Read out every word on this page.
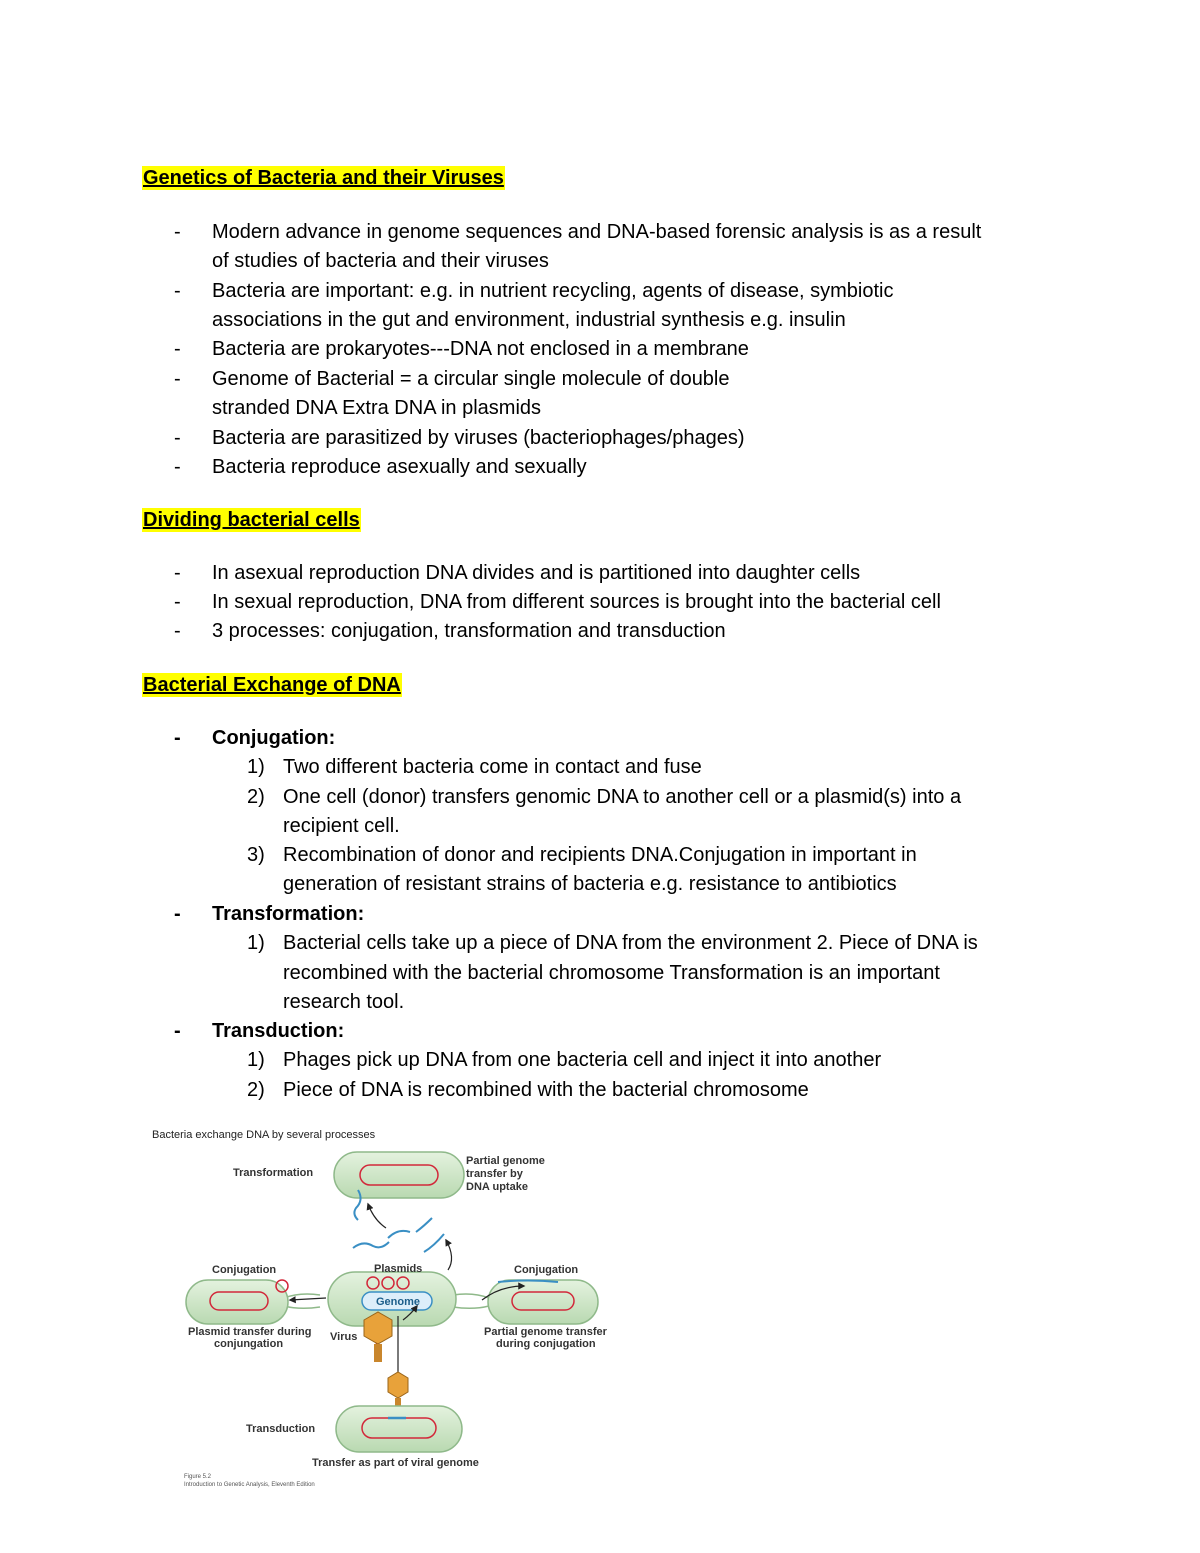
Genetics of Bacteria and their Viruses
- Modern advance in genome sequences and DNA-based forensic analysis is as a result
of studies of bacteria and their viruses
- Bacteria are important: e.g. in nutrient recycling, agents of disease, symbiotic
associations in the gut and environment, industrial synthesis e.g. insulin
- Bacteria are prokaryotes---DNA not enclosed in a membrane
- Genome of Bacterial = a circular single molecule of double
stranded DNA Extra DNA in plasmids
- Bacteria are parasitized by viruses (bacteriophages/phages)
- Bacteria reproduce asexually and sexually
Dividing bacterial cells
- In asexual reproduction DNA divides and is partitioned into daughter cells
- In sexual reproduction, DNA from different sources is brought into the bacterial cell
- 3 processes: conjugation, transformation and transduction
Bacterial Exchange of DNA
- Conjugation:
1) Two different bacteria come in contact and fuse
2) One cell (donor) transfers genomic DNA to another cell or a plasmid(s) into a
recipient cell.
3) Recombination of donor and recipients DNA.Conjugation in important in
generation of resistant strains of bacteria e.g. resistance to antibiotics
- Transformation:
1) Bacterial cells take up a piece of DNA from the environment 2. Piece of DNA is
recombined with the bacterial chromosome Transformation is an important
research tool.
- Transduction:
1) Phages pick up DNA from one bacteria cell and inject it into another
2) Piece of DNA is recombined with the bacterial chromosome
Bacteria exchange DNA by several processes
Transformation
Partial genome
transfer by
DNA uptake
Plasmids
Genome
Conjugation
Plasmid transfer during
conjungation
Conjugation
Partial genome transfer
during conjugation
Virus
Transduction
Transfer as part of viral genome
Figure 5.2
Introduction to Genetic Analysis, Eleventh Edition
